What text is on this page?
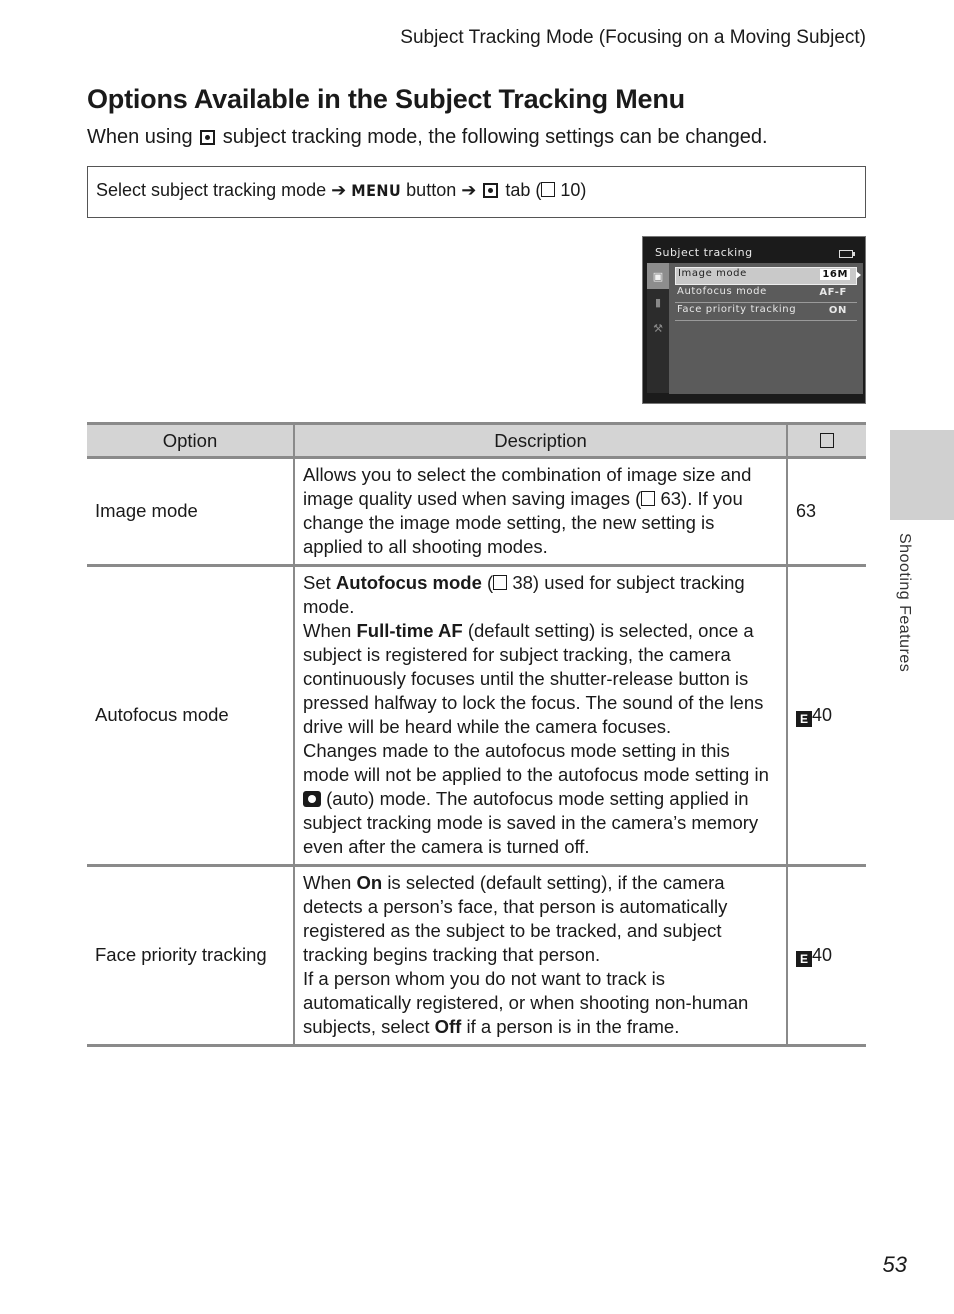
Subject Tracking Mode (Focusing on a Moving Subject)
Options Available in the Subject Tracking Menu
When using subject tracking mode, the following settings can be changed.
Select subject tracking mode ➔ MENU button ➔ tab ( 10)
Subject tracking
▣
▮
⚒
Image mode	16M
Autofocus mode	AF-F
Face priority tracking	ON
Option	Description	
Image mode	Allows you to select the combination of image size and image quality used when saving images ( 63). If you change the image mode setting, the new setting is applied to all shooting modes.	63
Autofocus mode	Set Autofocus mode ( 38) used for subject tracking mode.
When Full-time AF (default setting) is selected, once a subject is registered for subject tracking, the camera continuously focuses until the shutter-release button is pressed halfway to lock the focus. The sound of the lens drive will be heard while the camera focuses.
Changes made to the autofocus mode setting in this mode will not be applied to the autofocus mode setting in
(auto) mode. The autofocus mode setting applied in subject tracking mode is saved in the camera’s memory even after the camera is turned off.	E 40
Face priority tracking	When On is selected (default setting), if the camera detects a person’s face, that person is automatically registered as the subject to be tracked, and subject tracking begins tracking that person.
If a person whom you do not want to track is automatically registered, or when shooting non-human subjects, select Off if a person is in the frame.	E 40
Shooting Features
53
